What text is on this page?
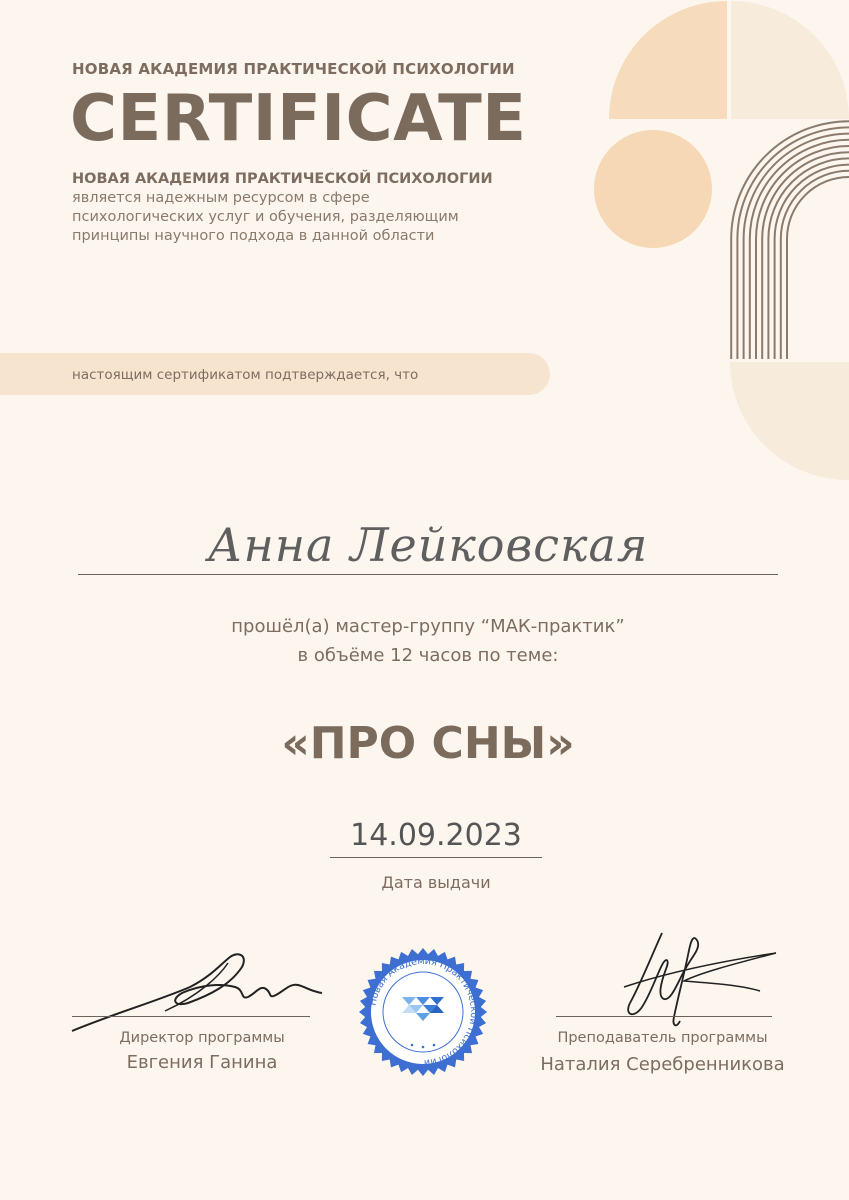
НОВАЯ АКАДЕМИЯ ПРАКТИЧЕСКОЙ ПСИХОЛОГИИ
CERTIFICATE
НОВАЯ АКАДЕМИЯ ПРАКТИЧЕСКОЙ ПСИХОЛОГИИ
является надежным ресурсом в сфере
психологических услуг и обучения, разделяющим
принципы научного подхода в данной области
настоящим сертификатом подтверждается, что
Анна Лейковская
прошёл(а) мастер-группу “МАК-практик”
в объёме 12 часов по теме:
«ПРО СНЫ»
14.09.2023
Дата выдачи
Директор программы
Евгения Ганина
Новая Академия Практической Психологии
Преподаватель программы
Наталия Серебренникова
